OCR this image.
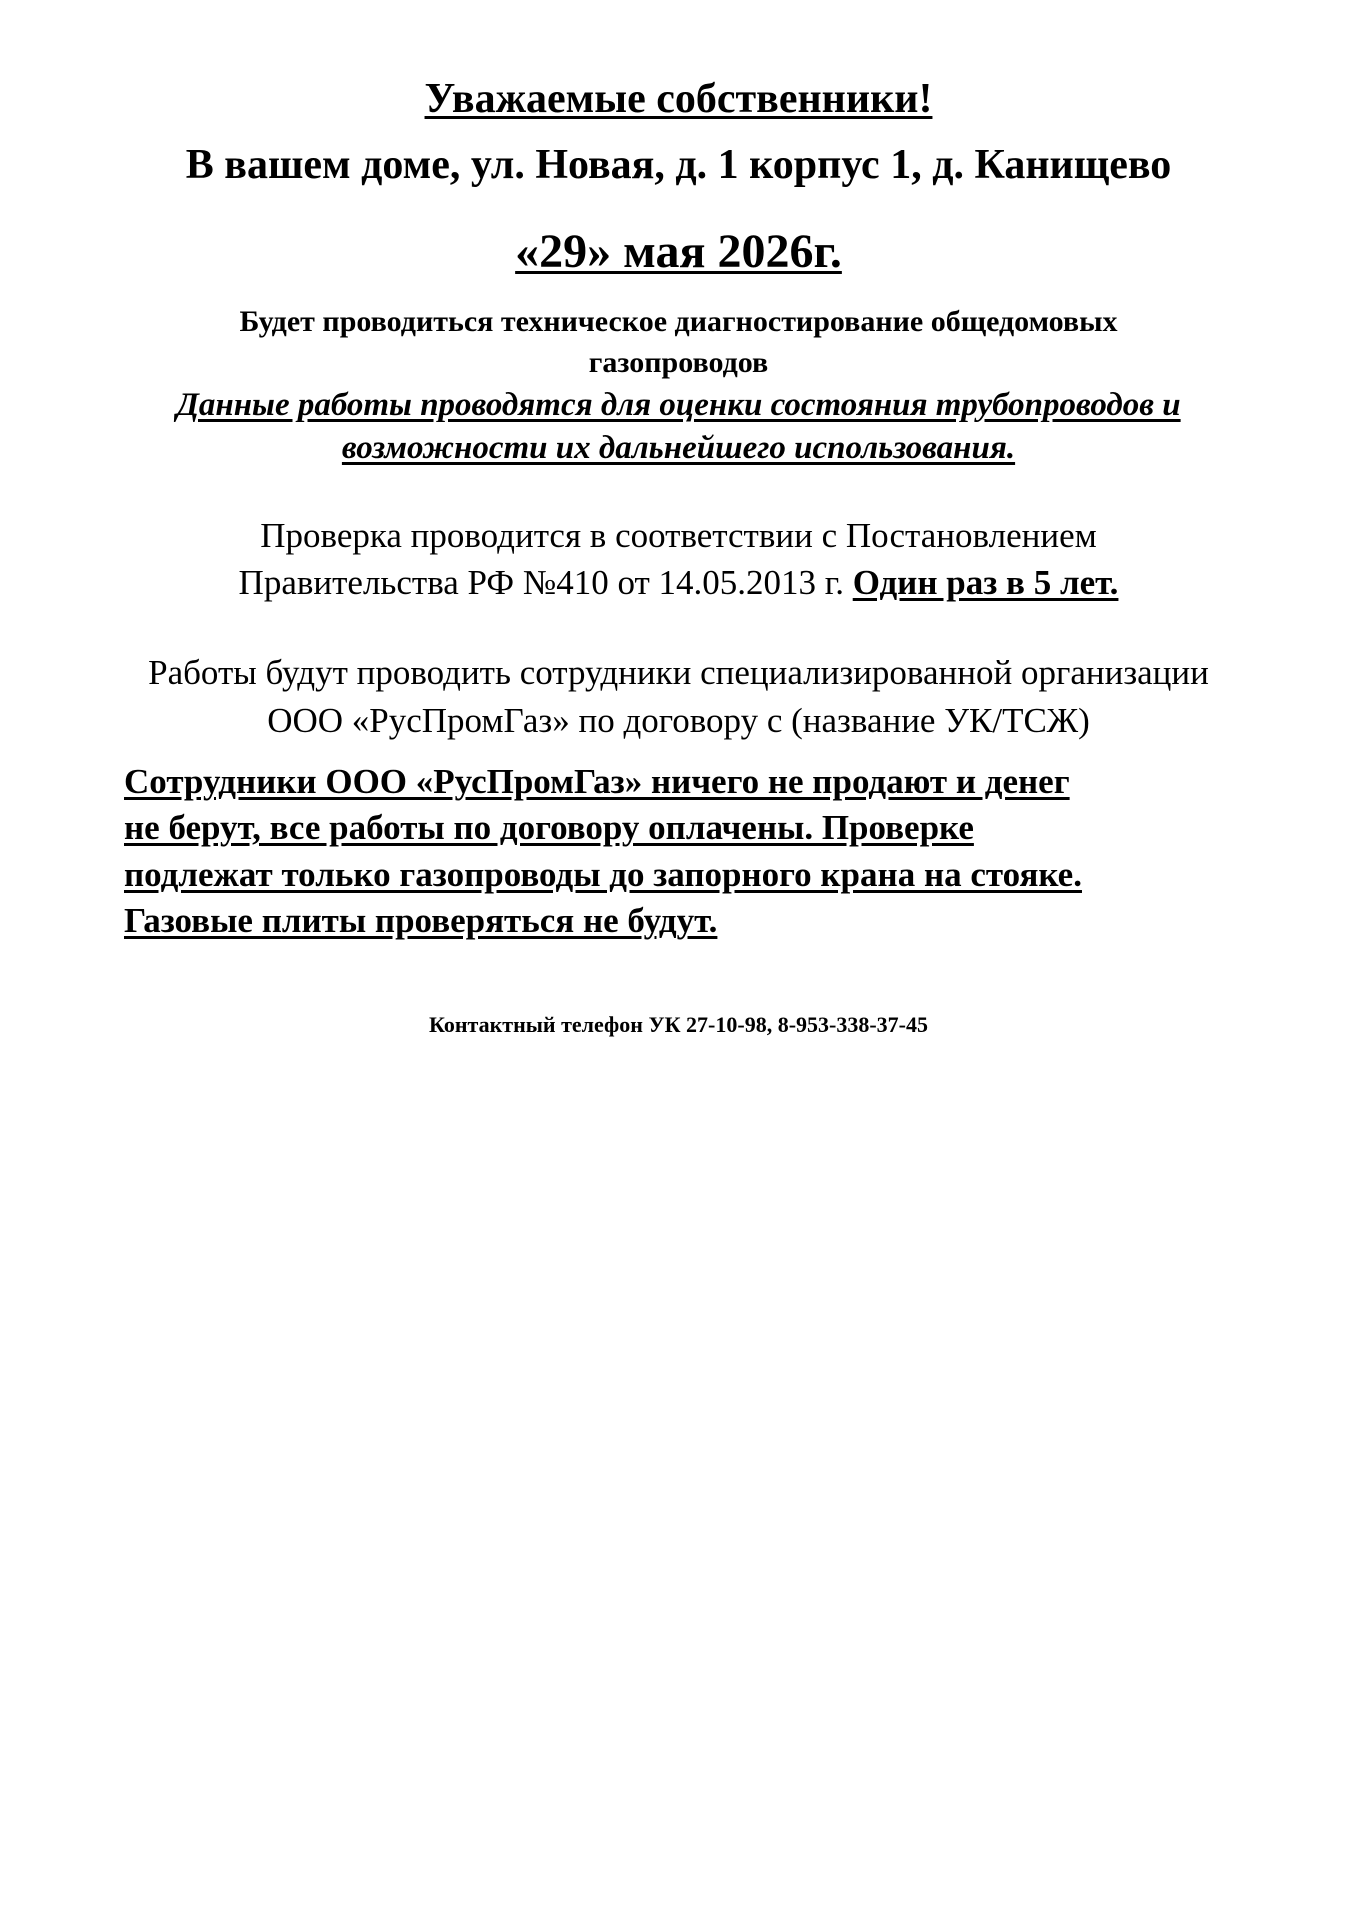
Уважаемые собственники!
В вашем доме, ул. Новая, д. 1 корпус 1, д. Канищево
«29» мая 2026г.
Будет проводиться техническое диагностирование общедомовых
газопроводов
Данные работы проводятся для оценки состояния трубопроводов и
возможности их дальнейшего использования.
Проверка проводится в соответствии с Постановлением
Правительства РФ №410 от 14.05.2013 г. Один раз в 5 лет.
Работы будут проводить сотрудники специализированной организации
ООО «РусПромГаз» по договору с (название УК/ТСЖ)
Сотрудники ООО «РусПромГаз» ничего не продают и денег
не берут, все работы по договору оплачены. Проверке
подлежат только газопроводы до запорного крана на стояке.
Газовые плиты проверяться не будут.
Контактный телефон УК 27-10-98, 8-953-338-37-45
